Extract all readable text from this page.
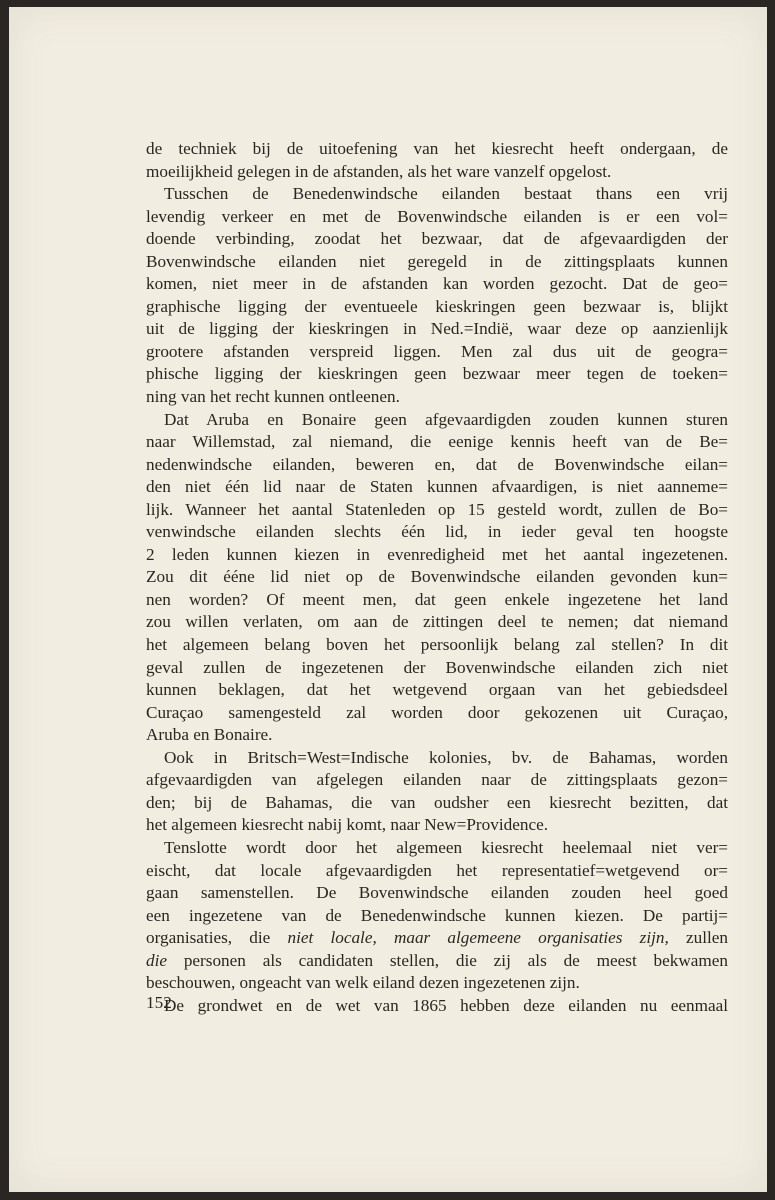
de techniek bij de uitoefening van het kiesrecht heeft ondergaan, de
moeilijkheid gelegen in de afstanden, als het ware vanzelf opgelost.
Tusschen de Benedenwindsche eilanden bestaat thans een vrij
levendig verkeer en met de Bovenwindsche eilanden is er een vol=
doende verbinding, zoodat het bezwaar, dat de afgevaardigden der
Bovenwindsche eilanden niet geregeld in de zittingsplaats kunnen
komen, niet meer in de afstanden kan worden gezocht. Dat de geo=
graphische ligging der eventueele kieskringen geen bezwaar is, blijkt
uit de ligging der kieskringen in Ned.=Indië, waar deze op aanzienlijk
grootere afstanden verspreid liggen. Men zal dus uit de geogra=
phische ligging der kieskringen geen bezwaar meer tegen de toeken=
ning van het recht kunnen ontleenen.
Dat Aruba en Bonaire geen afgevaardigden zouden kunnen sturen
naar Willemstad, zal niemand, die eenige kennis heeft van de Be=
nedenwindsche eilanden, beweren en, dat de Bovenwindsche eilan=
den niet één lid naar de Staten kunnen afvaardigen, is niet aanneme=
lijk. Wanneer het aantal Statenleden op 15 gesteld wordt, zullen de Bo=
venwindsche eilanden slechts één lid, in ieder geval ten hoogste
2 leden kunnen kiezen in evenredigheid met het aantal ingezetenen.
Zou dit ééne lid niet op de Bovenwindsche eilanden gevonden kun=
nen worden? Of meent men, dat geen enkele ingezetene het land
zou willen verlaten, om aan de zittingen deel te nemen; dat niemand
het algemeen belang boven het persoonlijk belang zal stellen? In dit
geval zullen de ingezetenen der Bovenwindsche eilanden zich niet
kunnen beklagen, dat het wetgevend orgaan van het gebiedsdeel
Curaçao samengesteld zal worden door gekozenen uit Curaçao,
Aruba en Bonaire.
Ook in Britsch=West=Indische kolonies, bv. de Bahamas, worden
afgevaardigden van afgelegen eilanden naar de zittingsplaats gezon=
den; bij de Bahamas, die van oudsher een kiesrecht bezitten, dat
het algemeen kiesrecht nabij komt, naar New=Providence.
Tenslotte wordt door het algemeen kiesrecht heelemaal niet ver=
eischt, dat locale afgevaardigden het representatief=wetgevend or=
gaan samenstellen. De Bovenwindsche eilanden zouden heel goed
een ingezetene van de Benedenwindsche kunnen kiezen. De partij=
organisaties, die niet locale, maar algemeene organisaties zijn, zullen
die personen als candidaten stellen, die zij als de meest bekwamen
beschouwen, ongeacht van welk eiland dezen ingezetenen zijn.
De grondwet en de wet van 1865 hebben deze eilanden nu eenmaal
152
